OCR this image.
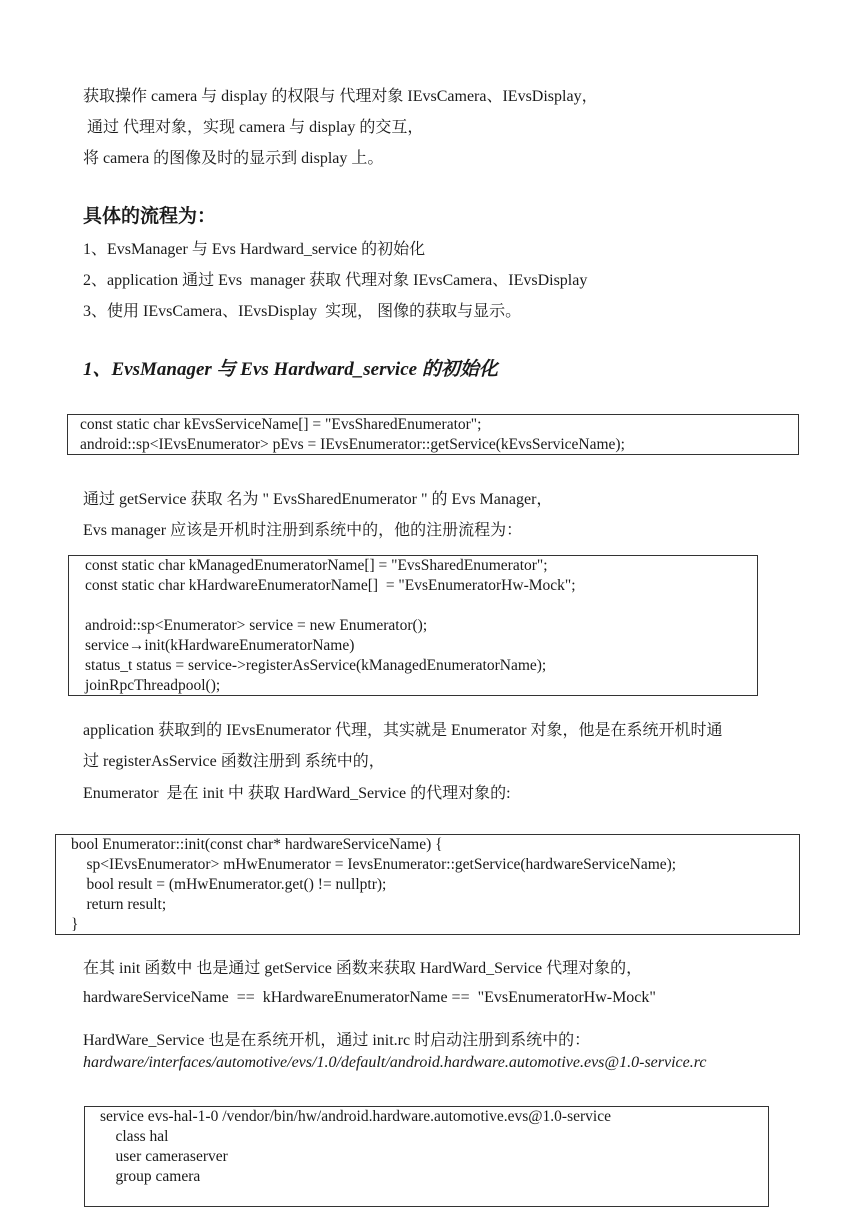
获取操作 camera 与 display 的权限与 代理对象 IEvsCamera、IEvsDisplay，
通过 代理对象，实现 camera 与 display 的交互，
将 camera 的图像及时的显示到 display 上。
具体的流程为：
1、EvsManager 与 Evs Hardward_service 的初始化
2、application 通过 Evs  manager 获取 代理对象 IEvsCamera、IEvsDisplay
3、使用 IEvsCamera、IEvsDisplay  实现， 图像的获取与显示。
1、EvsManager 与 Evs Hardward_service 的初始化
const static char kEvsServiceName[] = "EvsSharedEnumerator";
android::sp<IEvsEnumerator> pEvs = IEvsEnumerator::getService(kEvsServiceName);
通过 getService 获取 名为 " EvsSharedEnumerator " 的 Evs Manager，
Evs manager 应该是开机时注册到系统中的，他的注册流程为：
const static char kManagedEnumeratorName[] = "EvsSharedEnumerator";
const static char kHardwareEnumeratorName[]  = "EvsEnumeratorHw-Mock";
android::sp<Enumerator> service = new Enumerator();
service→init(kHardwareEnumeratorName)
status_t status = service->registerAsService(kManagedEnumeratorName);
joinRpcThreadpool();
application 获取到的 IEvsEnumerator 代理，其实就是 Enumerator 对象，他是在系统开机时通
过 registerAsService 函数注册到 系统中的，
Enumerator  是在 init 中 获取 HardWard_Service 的代理对象的:
bool Enumerator::init(const char* hardwareServiceName) {
sp<IEvsEnumerator> mHwEnumerator = IevsEnumerator::getService(hardwareServiceName);
bool result = (mHwEnumerator.get() != nullptr);
return result;
}
在其 init 函数中 也是通过 getService 函数来获取 HardWard_Service 代理对象的，
hardwareServiceName  ==  kHardwareEnumeratorName ==  "EvsEnumeratorHw-Mock"
HardWare_Service 也是在系统开机，通过 init.rc 时启动注册到系统中的：
hardware/interfaces/automotive/evs/1.0/default/android.hardware.automotive.evs@1.0-service.rc
service evs-hal-1-0 /vendor/bin/hw/android.hardware.automotive.evs@1.0-service
class hal
user cameraserver
group camera
